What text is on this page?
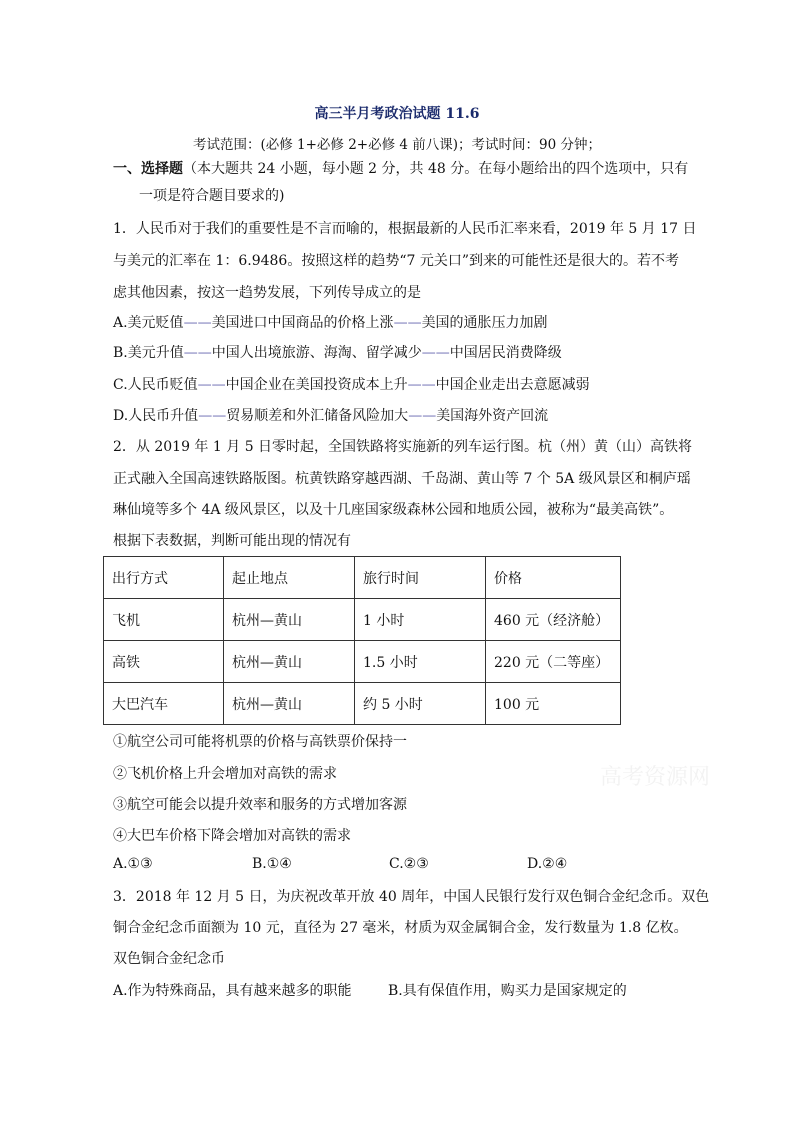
高三半月考政治试题 11.6
考试范围：(必修 1+必修 2+必修 4 前八课)；考试时间：90 分钟；
一、选择题（本大题共 24 小题，每小题 2 分，共 48 分。在每小题给出的四个选项中，只有
一项是符合题目要求的)
1．人民币对于我们的重要性是不言而喻的，根据最新的人民币汇率来看，2019 年 5 月 17 日
与美元的汇率在 1：6.9486。按照这样的趋势“7 元关口”到来的可能性还是很大的。若不考
虑其他因素，按这一趋势发展，下列传导成立的是
A.美元贬值——美国进口中国商品的价格上涨——美国的通胀压力加剧
B.美元升值——中国人出境旅游、海淘、留学减少——中国居民消费降级
C.人民币贬值——中国企业在美国投资成本上升——中国企业走出去意愿减弱
D.人民币升值——贸易顺差和外汇储备风险加大——美国海外资产回流
2．从 2019 年 1 月 5 日零时起，全国铁路将实施新的列车运行图。杭（州）黄（山）高铁将
正式融入全国高速铁路版图。杭黄铁路穿越西湖、千岛湖、黄山等 7 个 5A 级风景区和桐庐瑶
琳仙境等多个 4A 级风景区，以及十几座国家级森林公园和地质公园，被称为“最美高铁”。
根据下表数据，判断可能出现的情况有
出行方式	起止地点	旅行时间	价格
飞机	杭州—黄山	1 小时	460 元（经济舱）
高铁	杭州—黄山	1.5 小时	220 元（二等座）
大巴汽车	杭州—黄山	约 5 小时	100 元
①航空公司可能将机票的价格与高铁票价保持一
②飞机价格上升会增加对高铁的需求
③航空可能会以提升效率和服务的方式增加客源
④大巴车价格下降会增加对高铁的需求
A.①③	B.①④	C.②③	D.②④
高考资源网
3．2018 年 12 月 5 日，为庆祝改革开放 40 周年，中国人民银行发行双色铜合金纪念币。双色
铜合金纪念币面额为 10 元，直径为 27 毫米，材质为双金属铜合金，发行数量为 1.8 亿枚。
双色铜合金纪念币
A.作为特殊商品，具有越来越多的职能	B.具有保值作用，购买力是国家规定的
